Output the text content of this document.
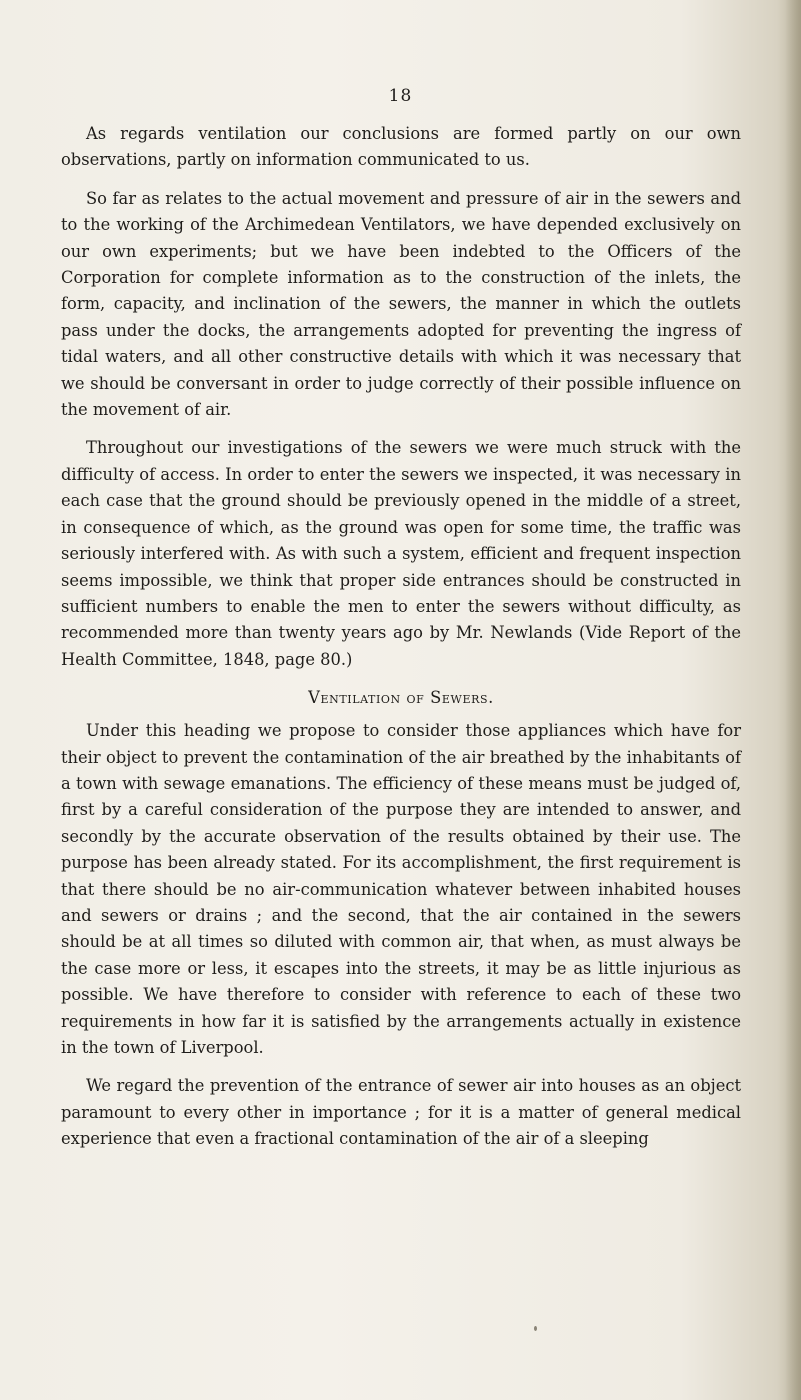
18

As regards ventilation our conclusions are formed partly on our own observations, partly on information communicated to us.

So far as relates to the actual movement and pressure of air in the sewers and to the working of the Archimedean Ventilators, we have depended exclusively on our own experiments; but we have been indebted to the Officers of the Corporation for complete information as to the construction of the inlets, the form, capacity, and inclination of the sewers, the manner in which the outlets pass under the docks, the arrangements adopted for preventing the ingress of tidal waters, and all other constructive details with which it was necessary that we should be conversant in order to judge correctly of their possible influence on the movement of air.

Throughout our investigations of the sewers we were much struck with the difficulty of access. In order to enter the sewers we inspected, it was necessary in each case that the ground should be previously opened in the middle of a street, in consequence of which, as the ground was open for some time, the traffic was seriously interfered with. As with such a system, efficient and frequent inspection seems impossible, we think that proper side entrances should be constructed in sufficient numbers to enable the men to enter the sewers without difficulty, as recommended more than twenty years ago by Mr. Newlands (Vide Report of the Health Committee, 1848, page 80.)

Ventilation of Sewers.

Under this heading we propose to consider those appliances which have for their object to prevent the contamination of the air breathed by the inhabitants of a town with sewage emanations. The efficiency of these means must be judged of, first by a careful consideration of the purpose they are intended to answer, and secondly by the accurate observation of the results obtained by their use. The purpose has been already stated. For its accomplishment, the first requirement is that there should be no air-communication whatever between inhabited houses and sewers or drains ; and the second, that the air contained in the sewers should be at all times so diluted with common air, that when, as must always be the case more or less, it escapes into the streets, it may be as little injurious as possible. We have therefore to consider with reference to each of these two requirements in how far it is satisfied by the arrangements actually in existence in the town of Liverpool.

We regard the prevention of the entrance of sewer air into houses as an object paramount to every other in importance ; for it is a matter of general medical experience that even a fractional contamination of the air of a sleeping
